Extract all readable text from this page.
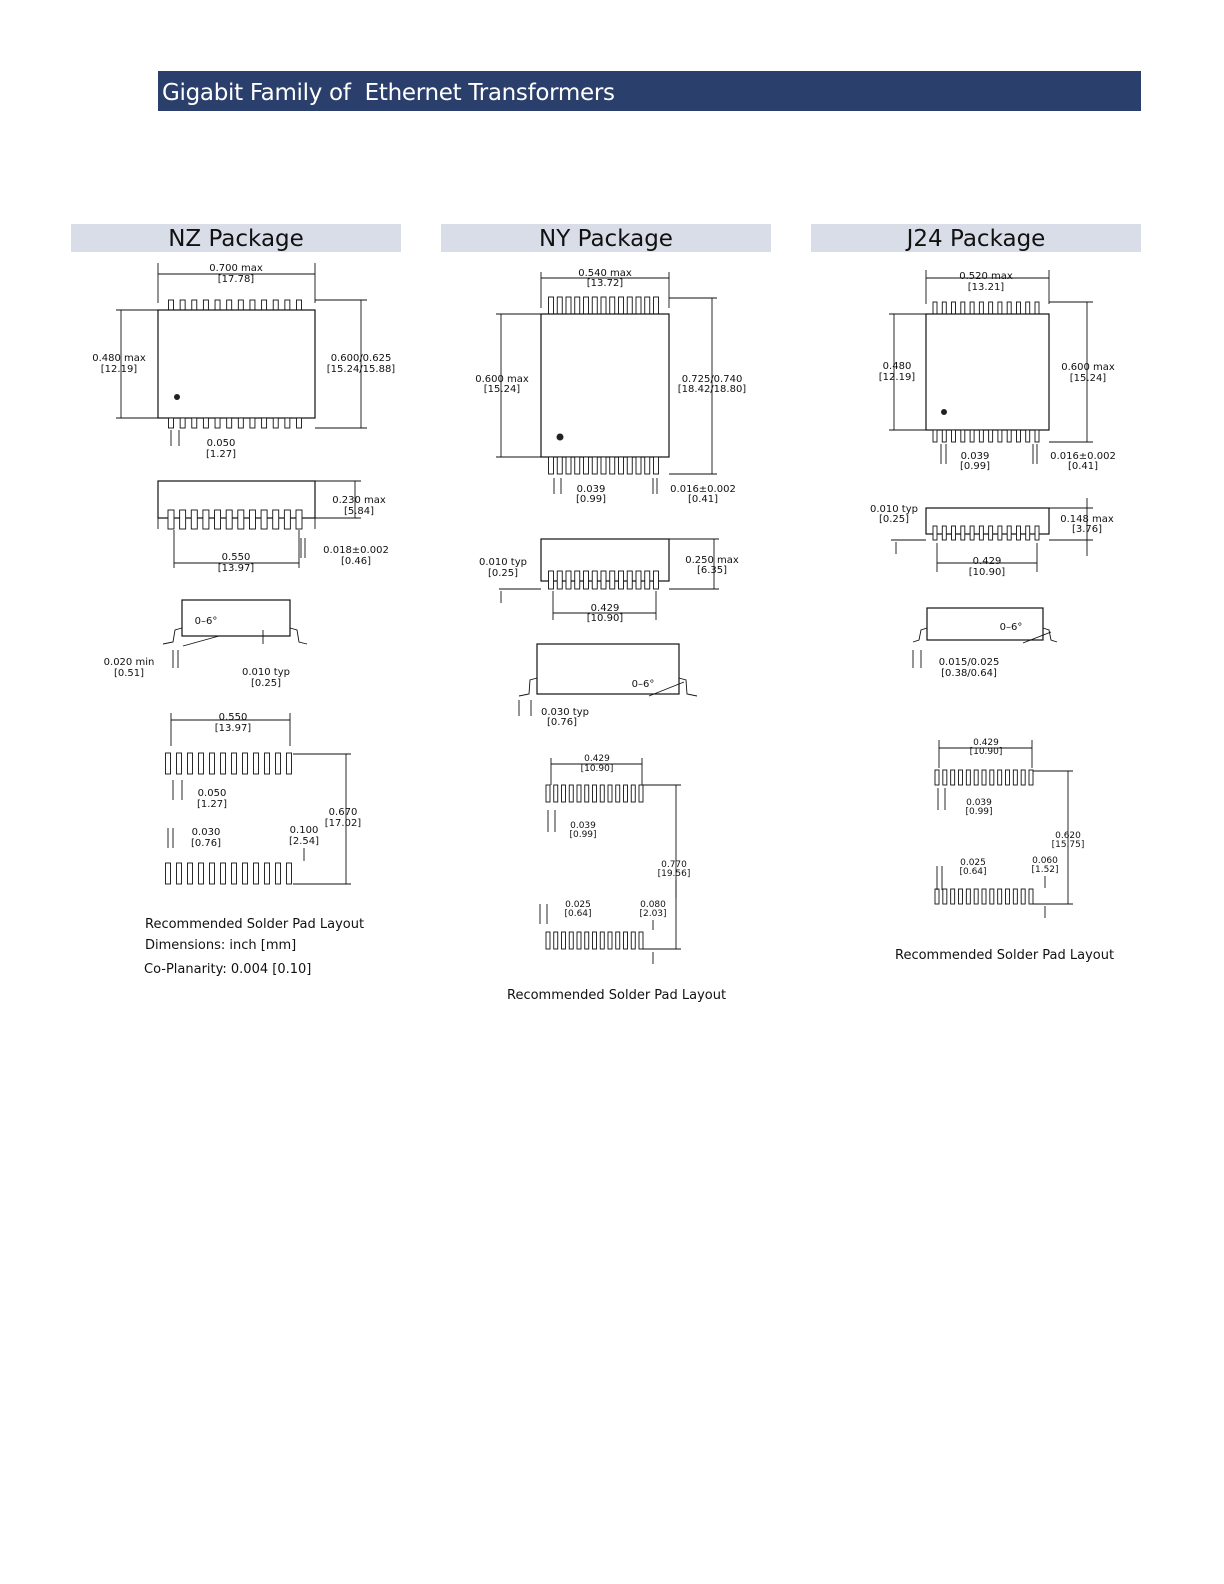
Gigabit Family of  Ethernet Transformers
NZ Package	NY Package	J24 Package
0.700 max
[17.78]
0.480 max
[12.19]
0.600/0.625
[15.24/15.88]
0.050
[1.27]
0.230 max
[5.84]
0.550
[13.97]
0.018±0.002
[0.46]
0–6°
0.020 min
[0.51]	0.010 typ
[0.25]
0.550
[13.97]
0.050
[1.27]
0.030
[0.76]
0.100
[2.54]
0.670
[17.02]
0.540 max
[13.72]
0.600 max
[15.24]
0.725/0.740
[18.42/18.80]
0.039
[0.99]
0.016±0.002
[0.41]
0.010 typ
[0.25]
0.250 max
[6.35]
0.429
[10.90]
0–6°
0.030 typ
[0.76]
0.429
[10.90]
0.039
[0.99]
0.770
[19.56]
0.025
[0.64]
0.080
[2.03]
0.520 max
[13.21]
0.480
[12.19]
0.600 max
[15.24]
0.039
[0.99]
0.016±0.002
[0.41]
0.010 typ
[0.25]	0.148 max
[3.76]
0.429
[10.90]
0–6°
0.015/0.025
[0.38/0.64]
0.429
[10.90]
0.039
[0.99]
0.620
[15.75]
0.025
[0.64]
0.060
[1.52]
Recommended Solder Pad Layout
Dimensions: inch [mm]
Co-Planarity: 0.004 [0.10]
Recommended Solder Pad Layout
Recommended Solder Pad Layout
